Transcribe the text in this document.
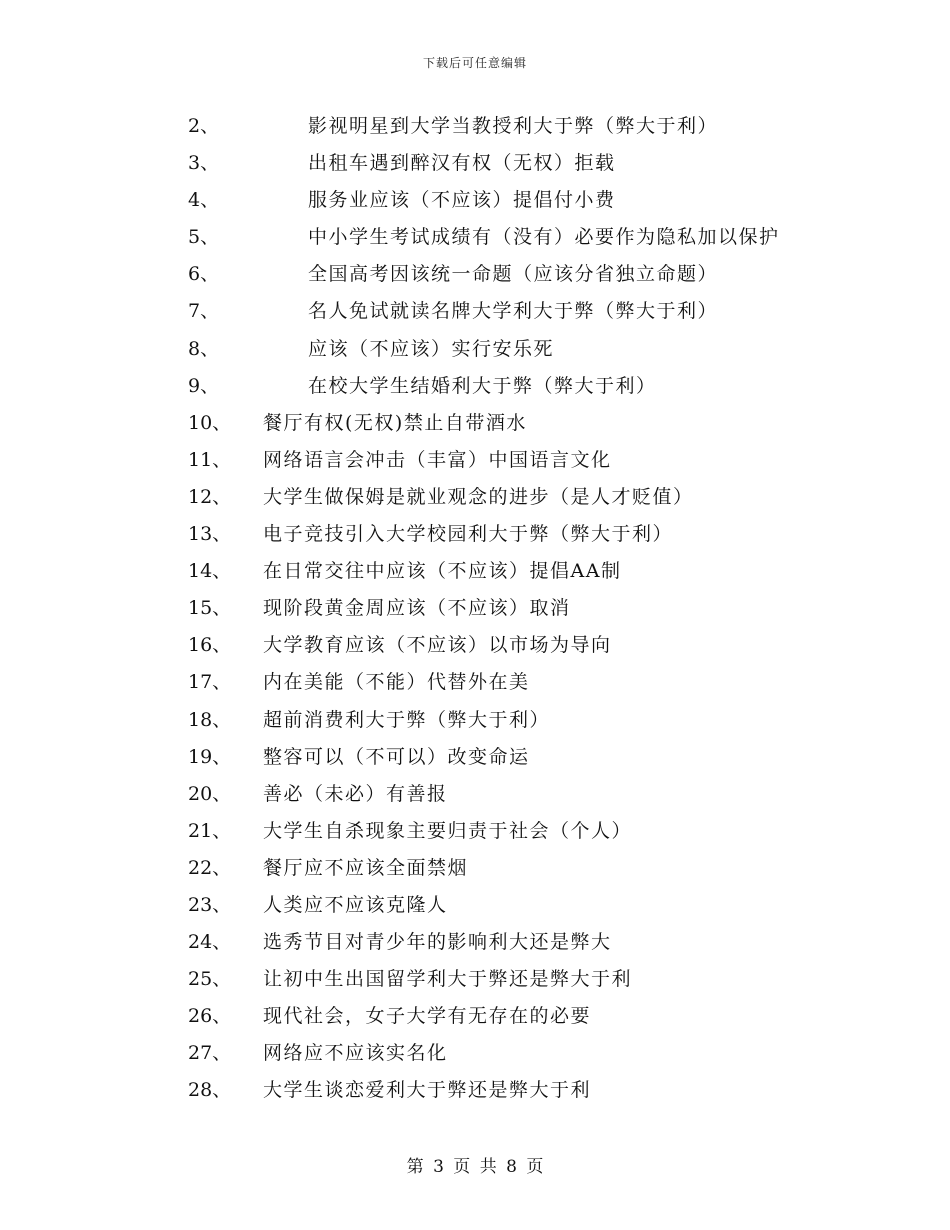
下载后可任意编辑
2、	影视明星到大学当教授利大于弊（弊大于利）
3、	出租车遇到醉汉有权（无权）拒载
4、	服务业应该（不应该）提倡付小费
5、	中小学生考试成绩有（没有）必要作为隐私加以保护
6、	全国高考因该统一命题（应该分省独立命题）
7、	名人免试就读名牌大学利大于弊（弊大于利）
8、	应该（不应该）实行安乐死
9、	在校大学生结婚利大于弊（弊大于利）
10、 餐厅有权(无权)禁止自带酒水
11、 网络语言会冲击（丰富）中国语言文化
12、 大学生做保姆是就业观念的进步（是人才贬值）
13、 电子竞技引入大学校园利大于弊（弊大于利）
14、 在日常交往中应该（不应该）提倡AA制
15、 现阶段黄金周应该（不应该）取消
16、 大学教育应该（不应该）以市场为导向
17、 内在美能（不能）代替外在美
18、 超前消费利大于弊（弊大于利）
19、 整容可以（不可以）改变命运
20、 善必（未必）有善报
21、 大学生自杀现象主要归责于社会（个人）
22、 餐厅应不应该全面禁烟
23、 人类应不应该克隆人
24、 选秀节目对青少年的影响利大还是弊大
25、 让初中生出国留学利大于弊还是弊大于利
26、 现代社会，女子大学有无存在的必要
27、 网络应不应该实名化
28、 大学生谈恋爱利大于弊还是弊大于利
第 3 页 共 8 页
